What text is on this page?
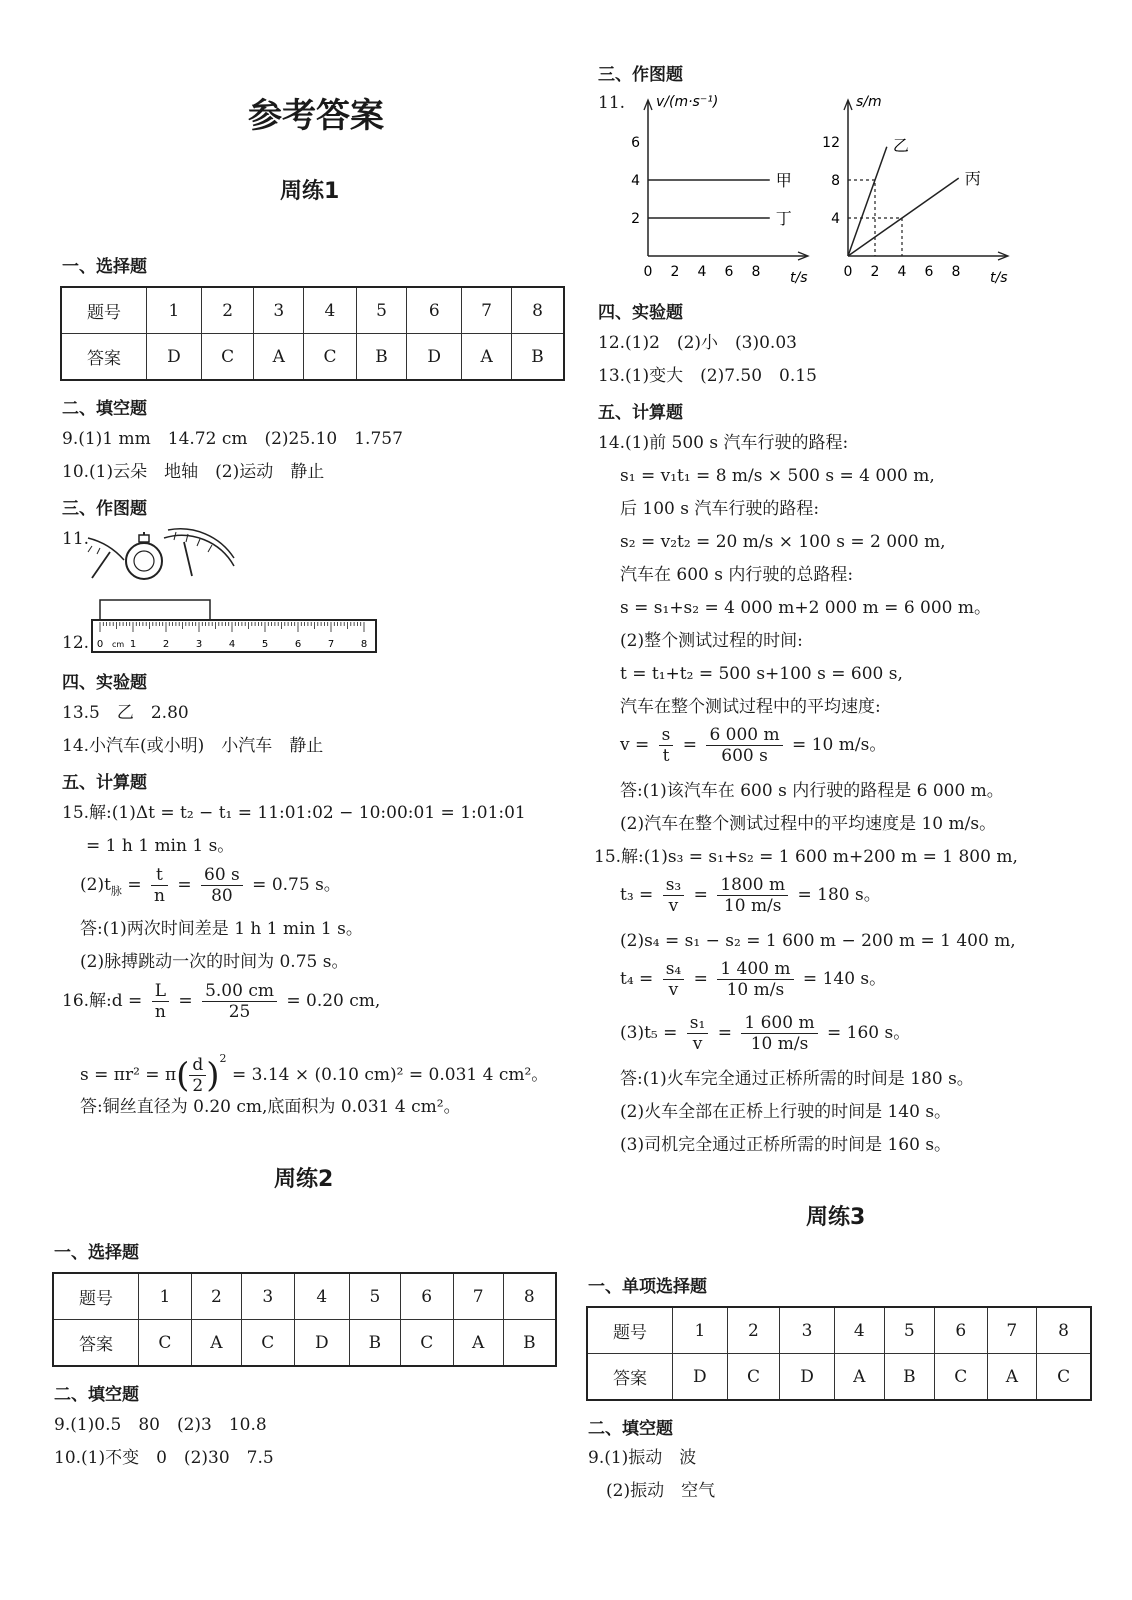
参考答案
周练1
一、选择题
题号	1	2	3	4	5	6	7	8
答案	D	C	A	C	B	D	A	B
二、填空题
9.(1)1 mm　14.72 cm　(2)25.10　1.757
10.(1)云朵　地轴　(2)运动　静止
三、作图题
11.
12. 0	1	2	3	4	5	6	7	8
cm
四、实验题
13.5　乙　2.80
14.小汽车(或小明)　小汽车　静止
五、计算题
15.解:(1)Δt = t₂ − t₁ = 11:01:02 − 10:00:01 = 1:01:01
= 1 h 1 min 1 s。
$(2)t_脉 = \frac{t}{n} = \frac{60 s}{80} = 0.75$ s。
答:(1)两次时间差是 1 h 1 min 1 s。
(2)脉搏跳动一次的时间为 0.75 s。
16.解:d = $\frac{L}{n} = \frac{5.00 cm}{25} = 0.20$ cm,
$s = \pi r^2 = \pi( \frac{d}{2} )^2 = 3.14 \times (0.10$ cm)² = 0.031 4 cm²。
答:铜丝直径为 0.20 cm,底面积为 0.031 4 cm²。
周练2
一、选择题
题号	1	2	3	4	5	6	7	8
答案	C	A	C	D	B	C	A	B
二、填空题
9.(1)0.5　80　(2)3　10.8
10.(1)不变　0　(2)30　7.5
三、作图题
11. v/(m·s⁻¹)
t/s
0 2 4 6 8
2
4
6
甲
丁
s/m
t/s
0 2 4 6 8
4
8
12	乙
丙
四、实验题
12.(1)2　(2)小　(3)0.03
13.(1)变大　(2)7.50　0.15
五、计算题
14.(1)前 500 s 汽车行驶的路程:
s₁ = v₁t₁ = 8 m/s × 500 s = 4 000 m,
后 100 s 汽车行驶的路程:
s₂ = v₂t₂ = 20 m/s × 100 s = 2 000 m,
汽车在 600 s 内行驶的总路程:
s = s₁+s₂ = 4 000 m+2 000 m = 6 000 m。
(2)整个测试过程的时间:
t = t₁+t₂ = 500 s+100 s = 600 s,
汽车在整个测试过程中的平均速度:
$v = \frac{s}{t} = \frac{6 000 m}{600 s} = 10$ m/s。
答:(1)该汽车在 600 s 内行驶的路程是 6 000 m。
(2)汽车在整个测试过程中的平均速度是 10 m/s。
15.解:(1)s₃ = s₁+s₂ = 1 600 m+200 m = 1 800 m,
$t_3 = \frac{\text{s₃}}{v} = \frac{1800 m}{10 m/s} = 180$ s。
(2)s₄ = s₁ − s₂ = 1 600 m − 200 m = 1 400 m,
$t_4 = \frac{\text{s₄}}{v} = \frac{1 400 m}{10 m/s} = 140$ s。
$(3)t_5 = \frac{\text{s₁}}{v} = \frac{1 600 m}{10 m/s} = 160$ s。
答:(1)火车完全通过正桥所需的时间是 180 s。
(2)火车全部在正桥上行驶的时间是 140 s。
(3)司机完全通过正桥所需的时间是 160 s。
周练3
一、单项选择题
题号	1	2	3	4	5	6	7	8
答案	D	C	D	A	B	C	A	C
二、填空题
9.(1)振动　波
(2)振动　空气
